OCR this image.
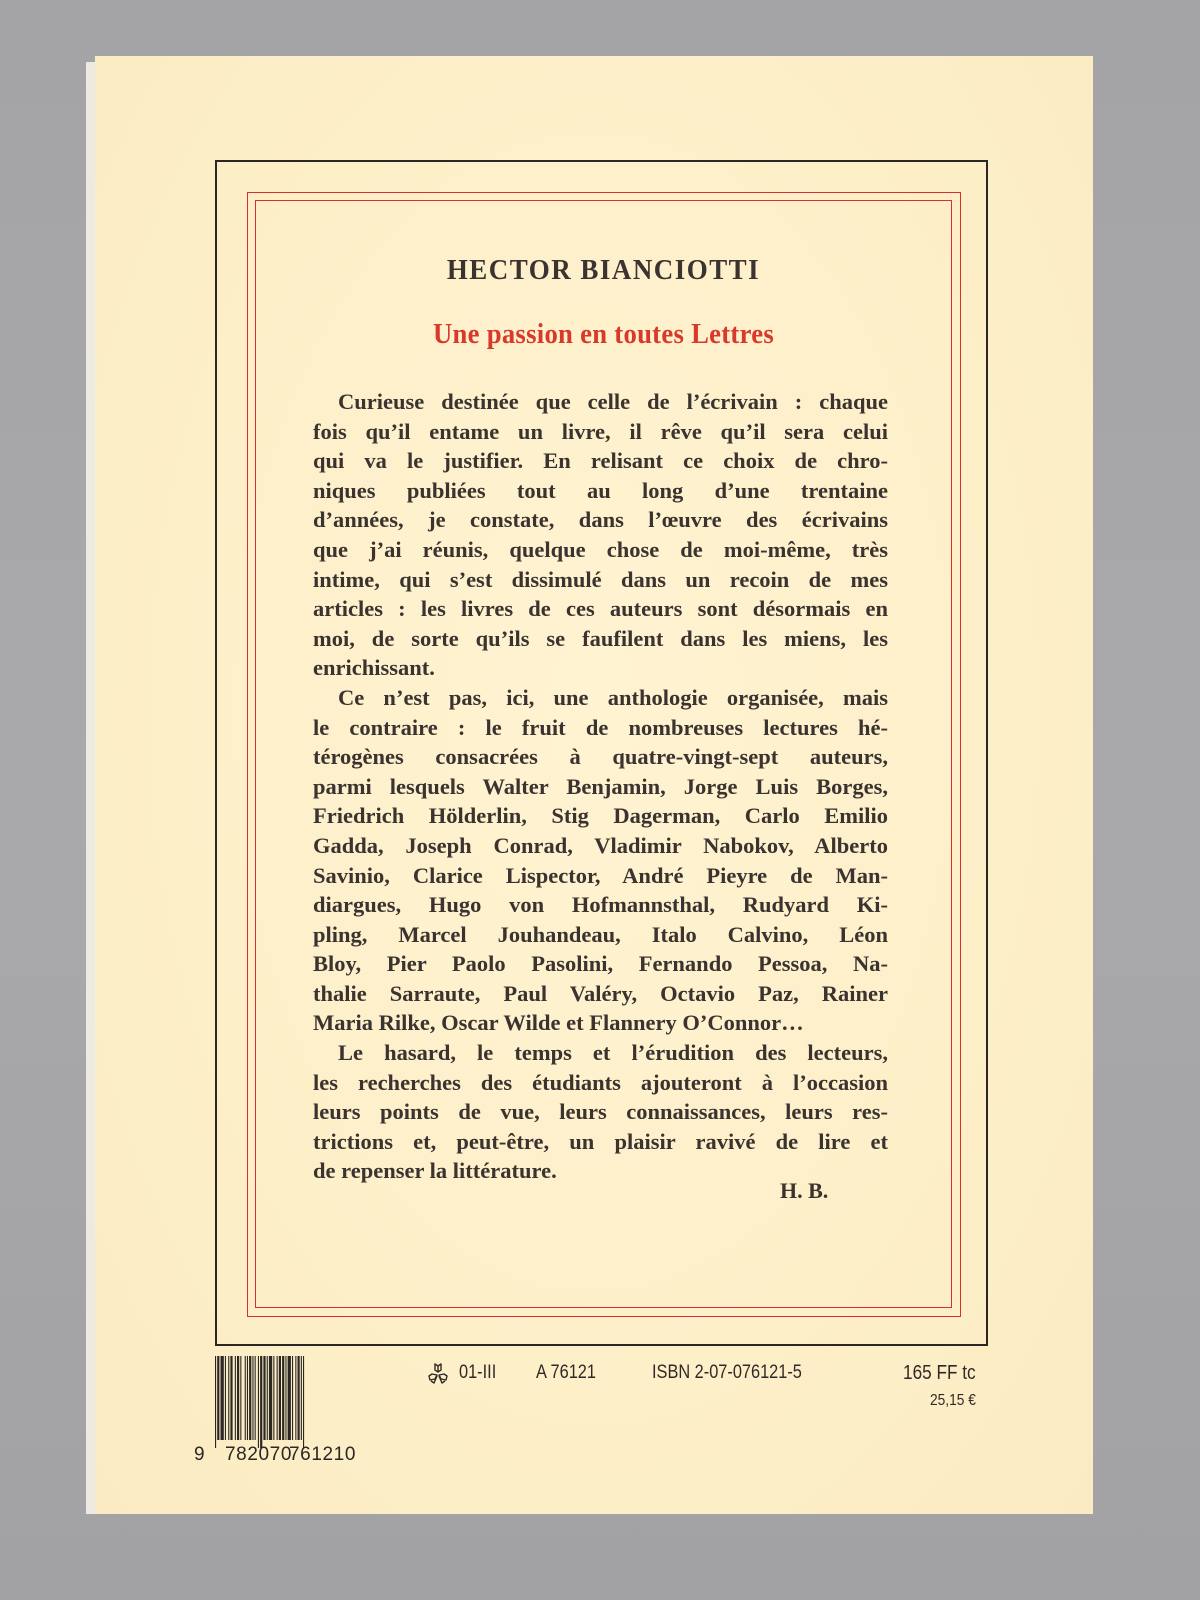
HECTOR BIANCIOTTI
Une passion en toutes Lettres
Curieuse destinée que celle de l’écrivain : chaque
fois qu’il entame un livre, il rêve qu’il sera celui
qui va le justifier. En relisant ce choix de chro-
niques publiées tout au long d’une trentaine
d’années, je constate, dans l’œuvre des écrivains
que j’ai réunis, quelque chose de moi-même, très
intime, qui s’est dissimulé dans un recoin de mes
articles : les livres de ces auteurs sont désormais en
moi, de sorte qu’ils se faufilent dans les miens, les
enrichissant.
Ce n’est pas, ici, une anthologie organisée, mais
le contraire : le fruit de nombreuses lectures hé-
térogènes consacrées à quatre-vingt-sept auteurs,
parmi lesquels Walter Benjamin, Jorge Luis Borges,
Friedrich Hölderlin, Stig Dagerman, Carlo Emilio
Gadda, Joseph Conrad, Vladimir Nabokov, Alberto
Savinio, Clarice Lispector, André Pieyre de Man-
diargues, Hugo von Hofmannsthal, Rudyard Ki-
pling, Marcel Jouhandeau, Italo Calvino, Léon
Bloy, Pier Paolo Pasolini, Fernando Pessoa, Na-
thalie Sarraute, Paul Valéry, Octavio Paz, Rainer
Maria Rilke, Oscar Wilde et Flannery O’Connor…
Le hasard, le temps et l’érudition des lecteurs,
les recherches des étudiants ajouteront à l’occasion
leurs points de vue, leurs connaissances, leurs res-
trictions et, peut-être, un plaisir ravivé de lire et
de repenser la littérature.
H. B.
9 782070
761210
01-III A 76121	ISBN 2-07-076121-5	165 FF tc
25,15 €
